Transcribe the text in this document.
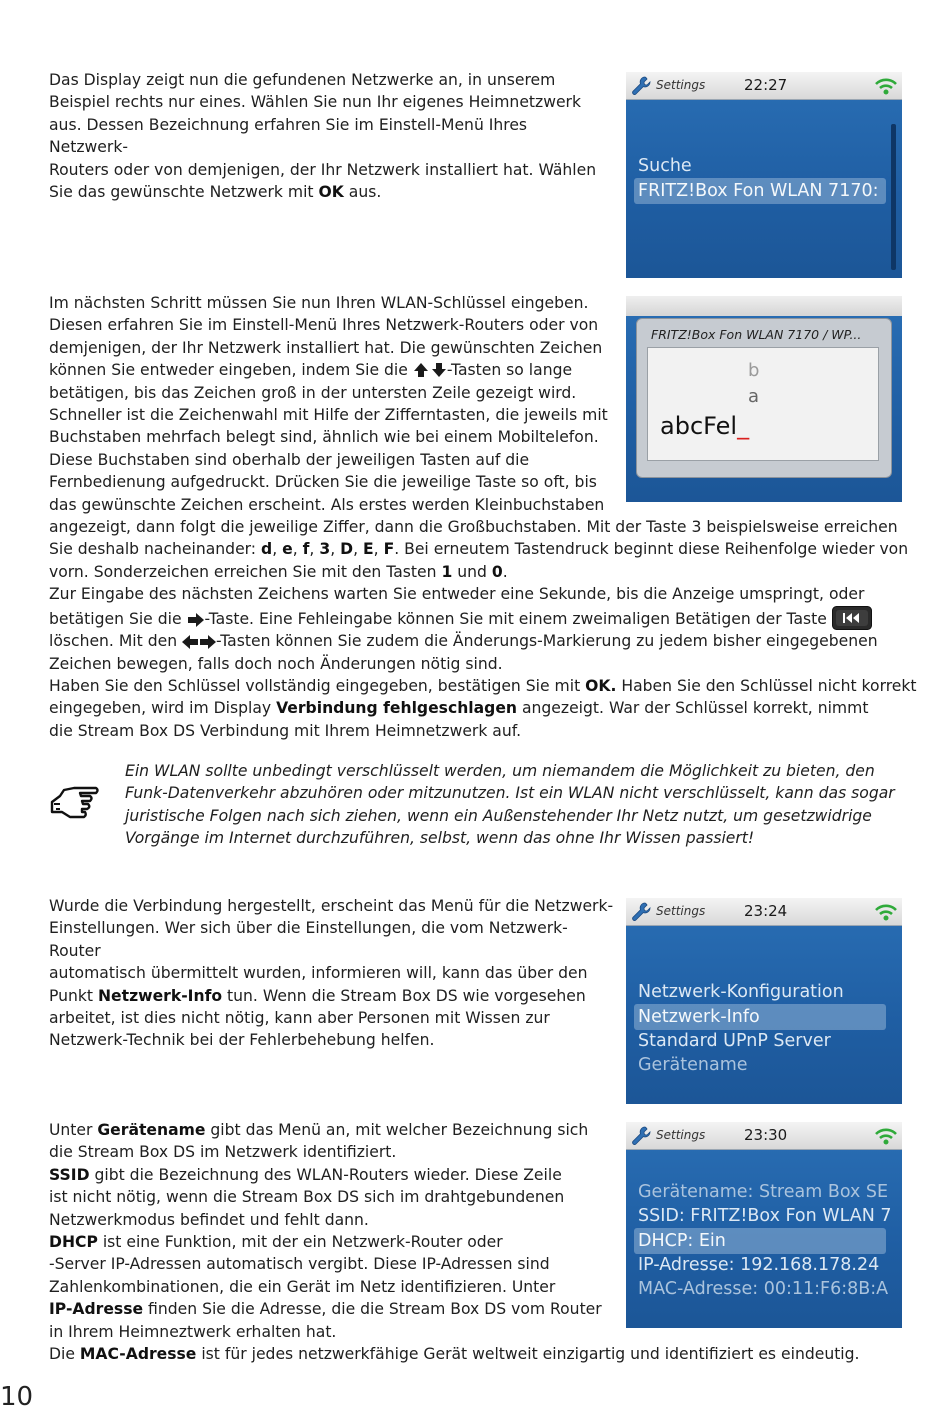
Das Display zeigt nun die gefundenen Netzwerke an, in unserem
Beispiel rechts nur eines. Wählen Sie nun Ihr eigenes Heimnetzwerk
aus. Dessen Bezeichnung erfahren Sie im Einstell-Menü Ihres Netzwerk-
Routers oder von demjenigen, der Ihr Netzwerk installiert hat. Wählen
Sie das gewünschte Netzwerk mit OK aus.
Settings	22:27
Suche
FRITZ!Box Fon WLAN 7170:
Im nächsten Schritt müssen Sie nun Ihren WLAN-Schlüssel eingeben.
Diesen erfahren Sie im Einstell-Menü Ihres Netzwerk-Routers oder von
demjenigen, der Ihr Netzwerk installiert hat. Die gewünschten Zeichen
können Sie entweder eingeben, indem Sie die -Tasten so lange
betätigen, bis das Zeichen groß in der untersten Zeile gezeigt wird.
Schneller ist die Zeichenwahl mit Hilfe der Zifferntasten, die jeweils mit
Buchstaben mehrfach belegt sind, ähnlich wie bei einem Mobiltelefon.
Diese Buchstaben sind oberhalb der jeweiligen Tasten auf die
Fernbedienung aufgedruckt. Drücken Sie die jeweilige Taste so oft, bis
das gewünschte Zeichen erscheint. Als erstes werden Kleinbuchstaben
angezeigt, dann folgt die jeweilige Ziffer, dann die Großbuchstaben. Mit der Taste 3 beispielsweise erreichen
Sie deshalb nacheinander: d, e, f, 3, D, E, F. Bei erneutem Tastendruck beginnt diese Reihenfolge wieder von
vorn. Sonderzeichen erreichen Sie mit den Tasten 1 und 0.
Zur Eingabe des nächsten Zeichens warten Sie entweder eine Sekunde, bis die Anzeige umspringt, oder
betätigen Sie die -Taste. Eine Fehleingabe können Sie mit einem zweimaligen Betätigen der Taste
löschen. Mit den -Tasten können Sie zudem die Änderungs-Markierung zu jedem bisher eingegebenen
Zeichen bewegen, falls doch noch Änderungen nötig sind.
Haben Sie den Schlüssel vollständig eingegeben, bestätigen Sie mit OK. Haben Sie den Schlüssel nicht korrekt
eingegeben, wird im Display Verbindung fehlgeschlagen angezeigt. War der Schlüssel korrekt, nimmt
die Stream Box DS Verbindung mit Ihrem Heimnetzwerk auf.
FRITZ!Box Fon WLAN 7170 / WP...
b
a
abcFel_
Ein WLAN sollte unbedingt verschlüsselt werden, um niemandem die Möglichkeit zu bieten, den
Funk-Datenverkehr abzuhören oder mitzunutzen. Ist ein WLAN nicht verschlüsselt, kann das sogar
juristische Folgen nach sich ziehen, wenn ein Außenstehender Ihr Netz nutzt, um gesetzwidrige
Vorgänge im Internet durchzuführen, selbst, wenn das ohne Ihr Wissen passiert!
Wurde die Verbindung hergestellt, erscheint das Menü für die Netzwerk-
Einstellungen. Wer sich über die Einstellungen, die vom Netzwerk-Router
automatisch übermittelt wurden, informieren will, kann das über den
Punkt Netzwerk-Info tun. Wenn die Stream Box DS wie vorgesehen
arbeitet, ist dies nicht nötig, kann aber Personen mit Wissen zur
Netzwerk-Technik bei der Fehlerbehebung helfen.
Settings	23:24
Netzwerk-Konfiguration
Netzwerk-Info
Standard UPnP Server
Gerätename
Unter Gerätename gibt das Menü an, mit welcher Bezeichnung sich
die Stream Box DS im Netzwerk identifiziert.
SSID gibt die Bezeichnung des WLAN-Routers wieder. Diese Zeile
ist nicht nötig, wenn die Stream Box DS sich im drahtgebundenen
Netzwerkmodus befindet und fehlt dann.
DHCP ist eine Funktion, mit der ein Netzwerk-Router oder
-Server IP-Adressen automatisch vergibt. Diese IP-Adressen sind
Zahlenkombinationen, die ein Gerät im Netz identifizieren. Unter
IP-Adresse finden Sie die Adresse, die die Stream Box DS vom Router
in Ihrem Heimneztwerk erhalten hat.
Die MAC-Adresse ist für jedes netzwerkfähige Gerät weltweit einzigartig und identifiziert es eindeutig.
Settings	23:30
Gerätename: Stream Box SE
SSID: FRITZ!Box Fon WLAN 7
DHCP: Ein
IP-Adresse: 192.168.178.24
MAC-Adresse: 00:11:F6:8B:A
10
